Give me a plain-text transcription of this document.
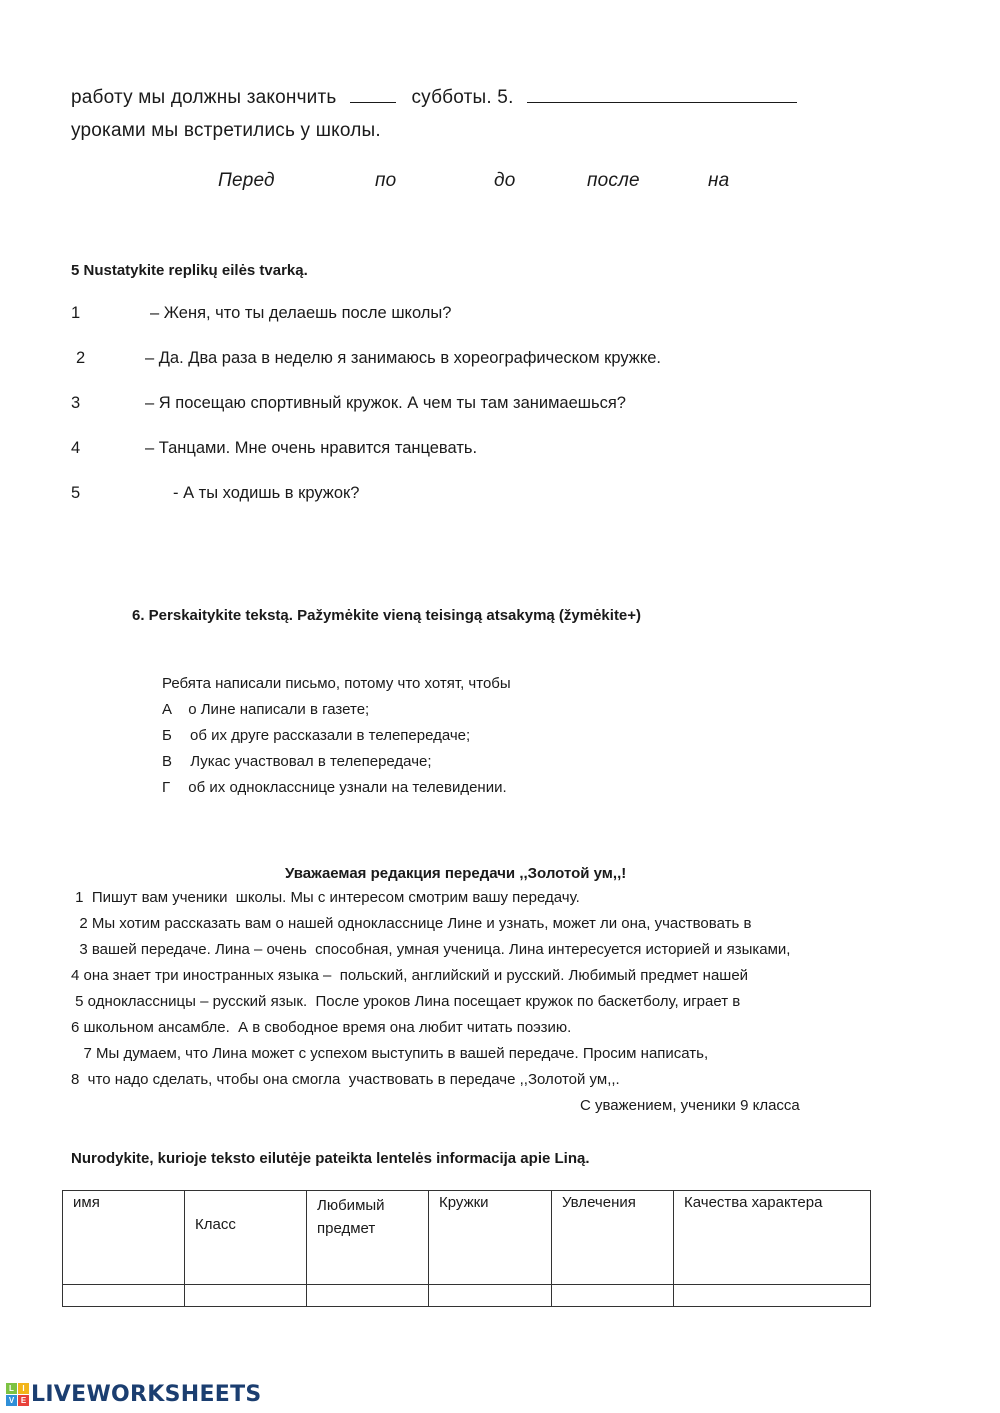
работу мы должны закончить	субботы. 5.
уроками мы встретились у школы.
Перед	по	до	после	на
5 Nustatykite replikų eilės tvarką.
1	– Женя, что ты делаешь после школы?
2	– Да. Два раза в неделю я занимаюсь в хореографическом кружке.
3	– Я посещаю спортивный кружок. А чем ты там занимаешься?
4	– Танцами. Мне очень нравится танцевать.
5	- А ты ходишь в кружок?
6. Perskaitykite tekstą. Pažymėkite vieną teisingą atsakymą (žymėkite+)
Ребята написали письмо, потому что хотят, чтобы
А о Лине написали в газете;
Б об их друге рассказали в телепередаче;
В Лукас участвовал в телепередаче;
Г об их однокласснице узнали на телевидении.
Уважаемая редакция передачи ,,Золотой ум,,!
1  Пишут вам ученики  школы. Мы с интересом смотрим вашу передачу.
2 Мы хотим рассказать вам о нашей однокласснице Лине и узнать, может ли она, участвовать в
3 вашей передаче. Лина – очень  способная, умная ученица. Лина интересуется историей и языками,
4 она знает три иностранных языка –  польский, английский и русский. Любимый предмет нашей
5 одноклассницы – русский язык.  После уроков Лина посещает кружок по баскетболу, играет в
6 школьном ансамбле.  А в свободное время она любит читать поэзию.
7 Мы думаем, что Лина может с успехом выступить в вашей передаче. Просим написать,
8  что надо сделать, чтобы она смогла  участвовать в передаче ,,Золотой ум,,.
С уважением, ученики 9 класса
Nurodykite, kurioje teksto eilutėje pateikta lentelės informacija apie Liną.
имя	Класс	Любимый предмет	Кружки	Увлечения	Качества характера

L	I
V E LIVEWORKSHEETS
